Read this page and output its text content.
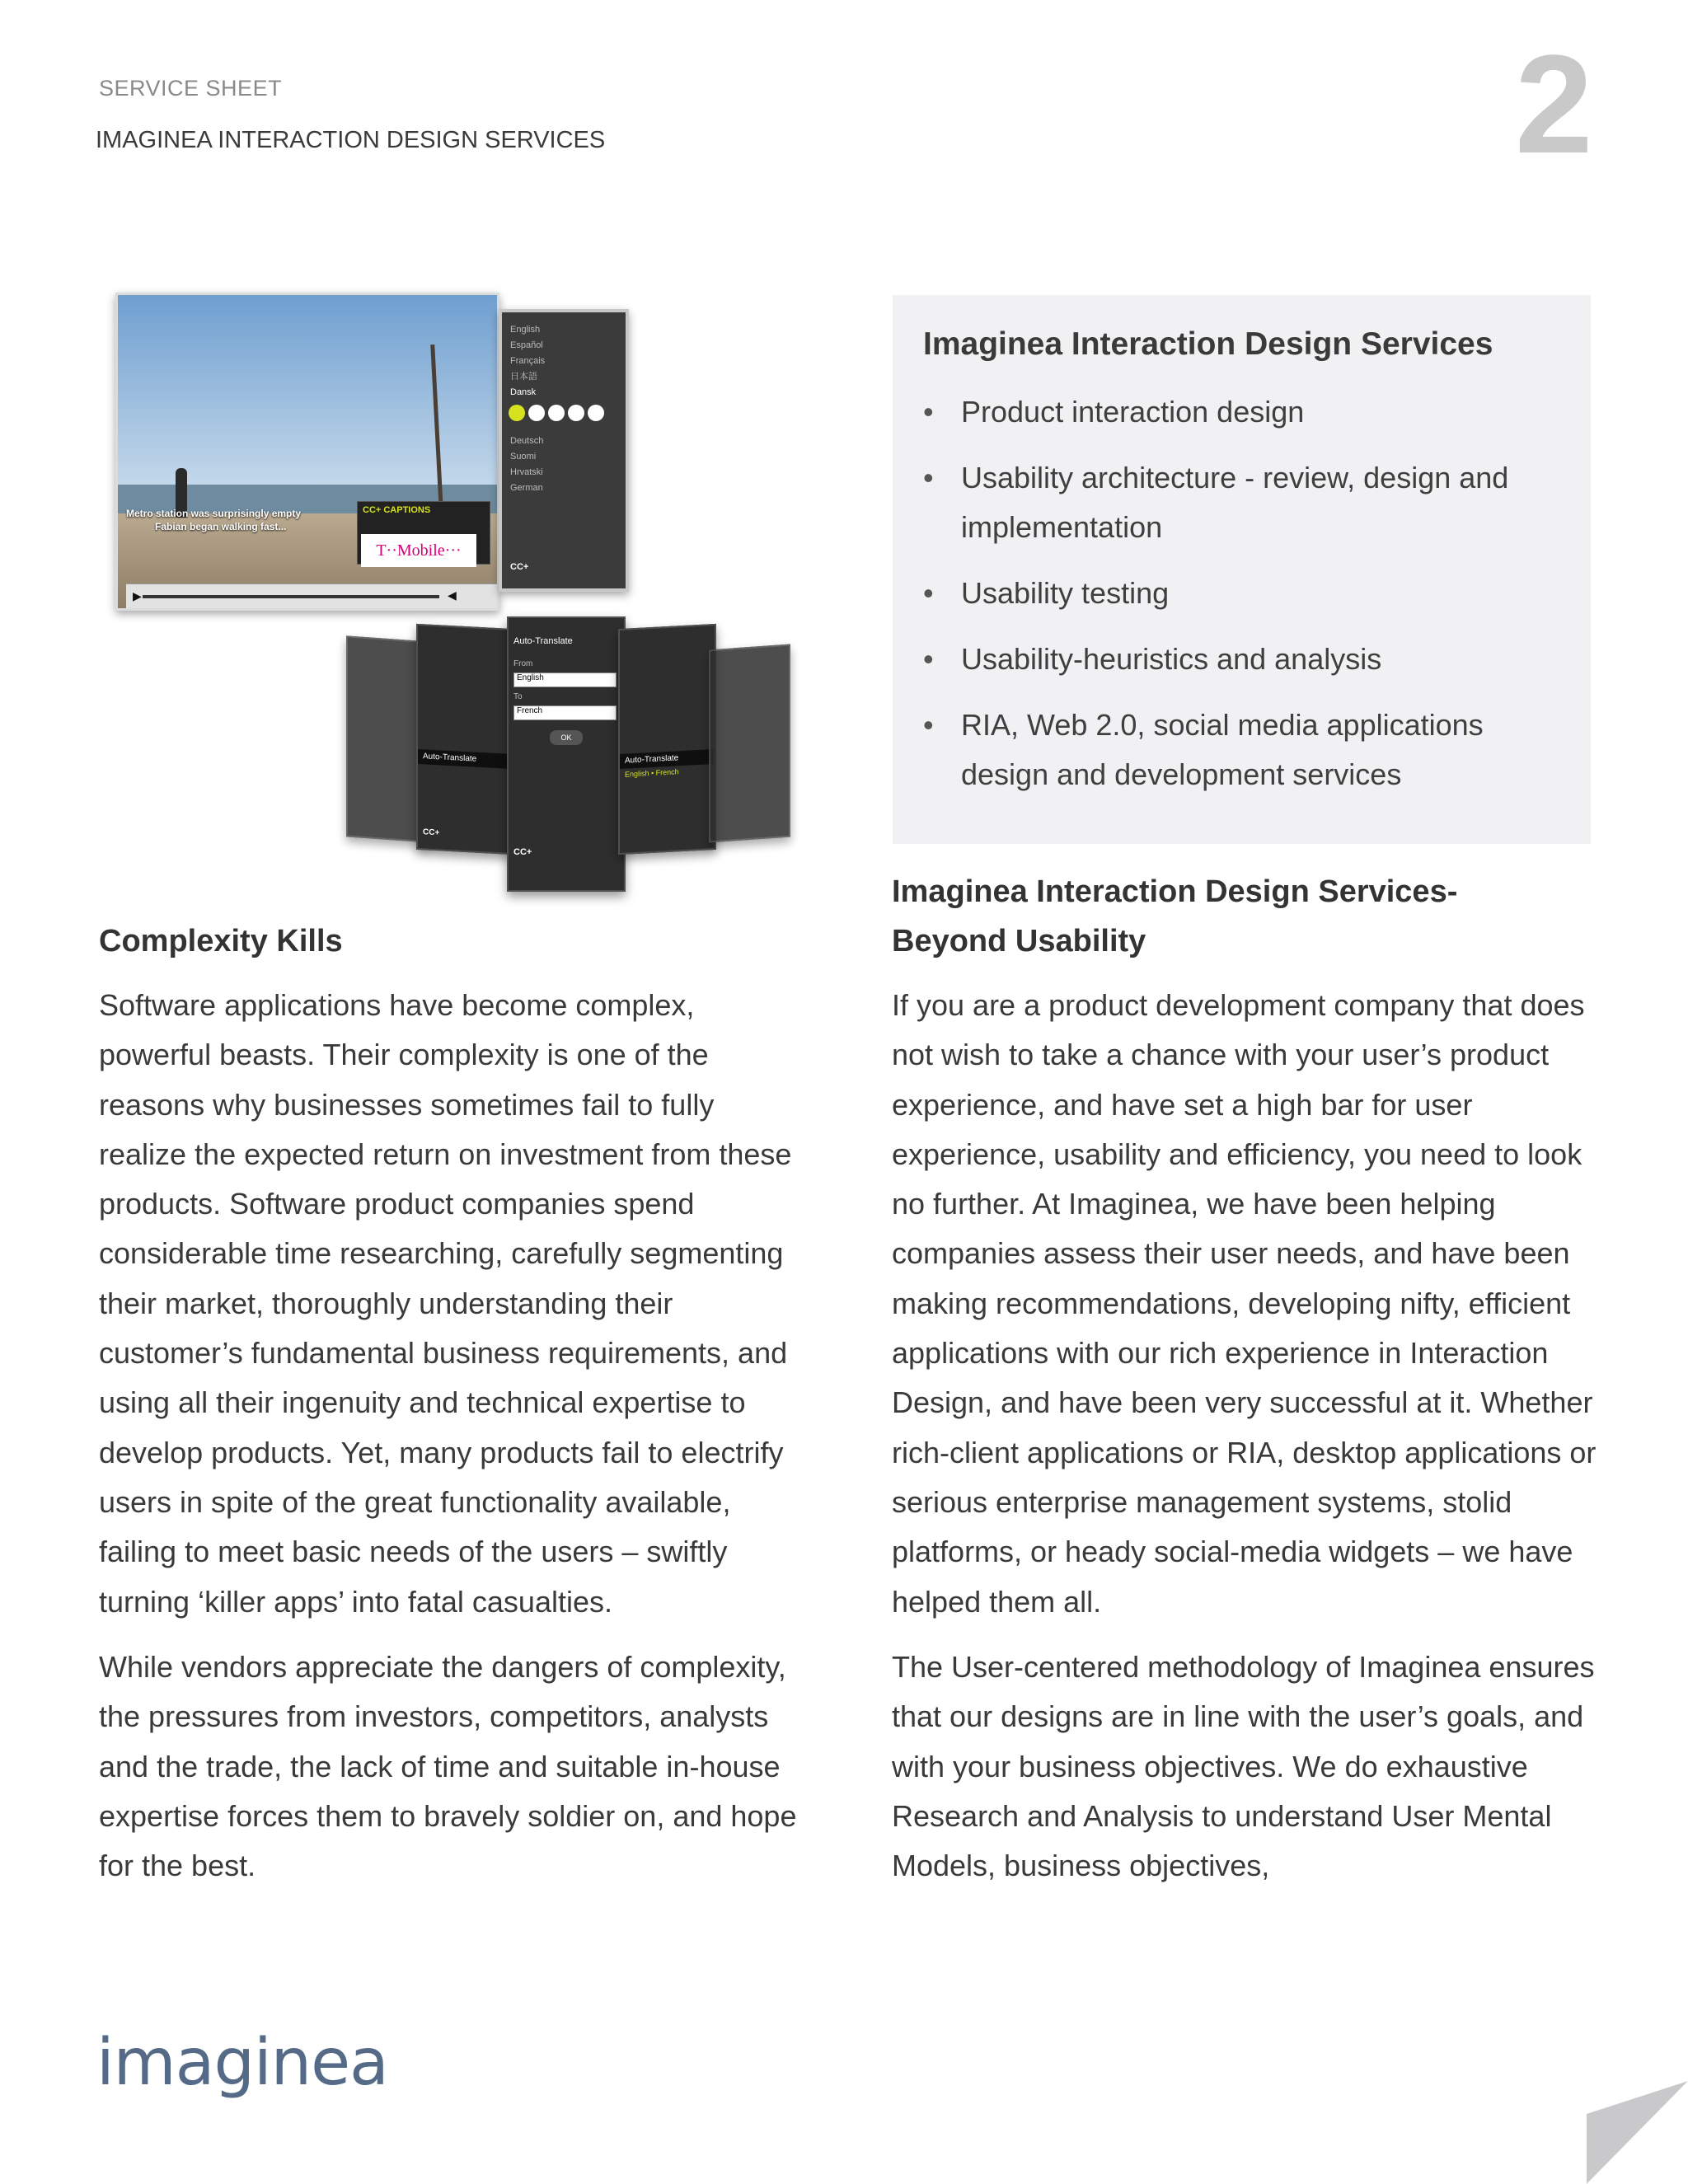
SERVICE SHEET
IMAGINEA INTERACTION DESIGN SERVICES	2
Metro station was surprisingly empty
Fabian began walking fast...
CC+ CAPTIONS
T··Mobile···
▶	◀
English
Español
Français
日本語
Dansk
Deutsch
Suomi
Hrvatski
German
CC+
Auto-Translate
CC+
Auto-Translate
From
English
To
French
OK
CC+
Auto-Translate
English • French
Imaginea Interaction Design Services
• Product interaction design
• Usability architecture - review, design and implementation
• Usability testing
• Usability-heuristics and analysis
• RIA, Web 2.0, social media applications design and development services
Complexity Kills

Software applications have become complex, powerful beasts. Their complexity is one of the reasons why businesses sometimes fail to fully realize the expected return on investment from these products. Software product companies spend considerable time researching, carefully segmenting their market, thoroughly understanding their customer’s fundamental business requirements, and using all their ingenuity and technical expertise to develop products. Yet, many products fail to electrify users in spite of the great functionality available, failing to meet basic needs of the users – swiftly turning ‘killer apps’ into fatal casualties.

While vendors appreciate the dangers of complexity, the pressures from investors, competitors, analysts and the trade, the lack of time and suitable in-house expertise forces them to bravely soldier on, and hope for the best.

Imaginea Interaction Design Services- Beyond Usability

If you are a product development company that does not wish to take a chance with your user’s product experience, and have set a high bar for user experience, usability and efficiency, you need to look no further. At Imaginea, we have been helping companies assess their user needs, and have been making recommendations, developing nifty, efficient applications with our rich experience in Interaction Design, and have been very successful at it. Whether rich-client applications or RIA, desktop applications or serious enterprise management systems, stolid platforms, or heady social-media widgets – we have helped them all.

The User-centered methodology of Imaginea ensures that our designs are in line with the user’s goals, and with your business objectives. We do exhaustive Research and Analysis to understand User Mental Models, business objectives,

imaginea
